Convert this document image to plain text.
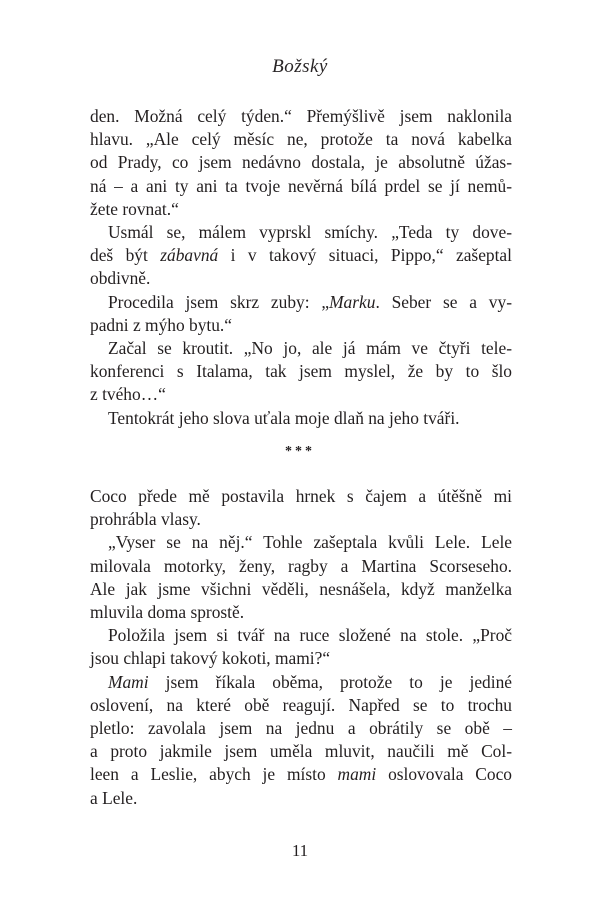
Božský
den. Možná celý týden.“ Přemýšlivě jsem naklonila
hlavu. „Ale celý měsíc ne, protože ta nová kabelka
od Prady, co jsem nedávno dostala, je absolutně úžas-
ná – a ani ty ani ta tvoje nevěrná bílá prdel se jí nemů-
žete rovnat.“
Usmál se, málem vyprskl smíchy. „Teda ty dove-
deš být zábavná i v takový situaci, Pippo,“ zašeptal
obdivně.
Procedila jsem skrz zuby: „Marku. Seber se a vy-
padni z mýho bytu.“
Začal se kroutit. „No jo, ale já mám ve čtyři tele-
konferenci s Italama, tak jsem myslel, že by to šlo
z tvého…“
Tentokrát jeho slova uťala moje dlaň na jeho tváři.
***
Coco přede mě postavila hrnek s čajem a útěšně mi
prohrábla vlasy.
„Vyser se na něj.“ Tohle zašeptala kvůli Lele. Lele
milovala motorky, ženy, ragby a Martina Scorseseho.
Ale jak jsme všichni věděli, nesnášela, když manželka
mluvila doma sprostě.
Položila jsem si tvář na ruce složené na stole. „Proč
jsou chlapi takový kokoti, mami?“
Mami jsem říkala oběma, protože to je jediné
oslovení, na které obě reagují. Napřed se to trochu
pletlo: zavolala jsem na jednu a obrátily se obě –
a proto jakmile jsem uměla mluvit, naučili mě Col-
leen a Leslie, abych je místo mami oslovovala Coco
a Lele.
11
